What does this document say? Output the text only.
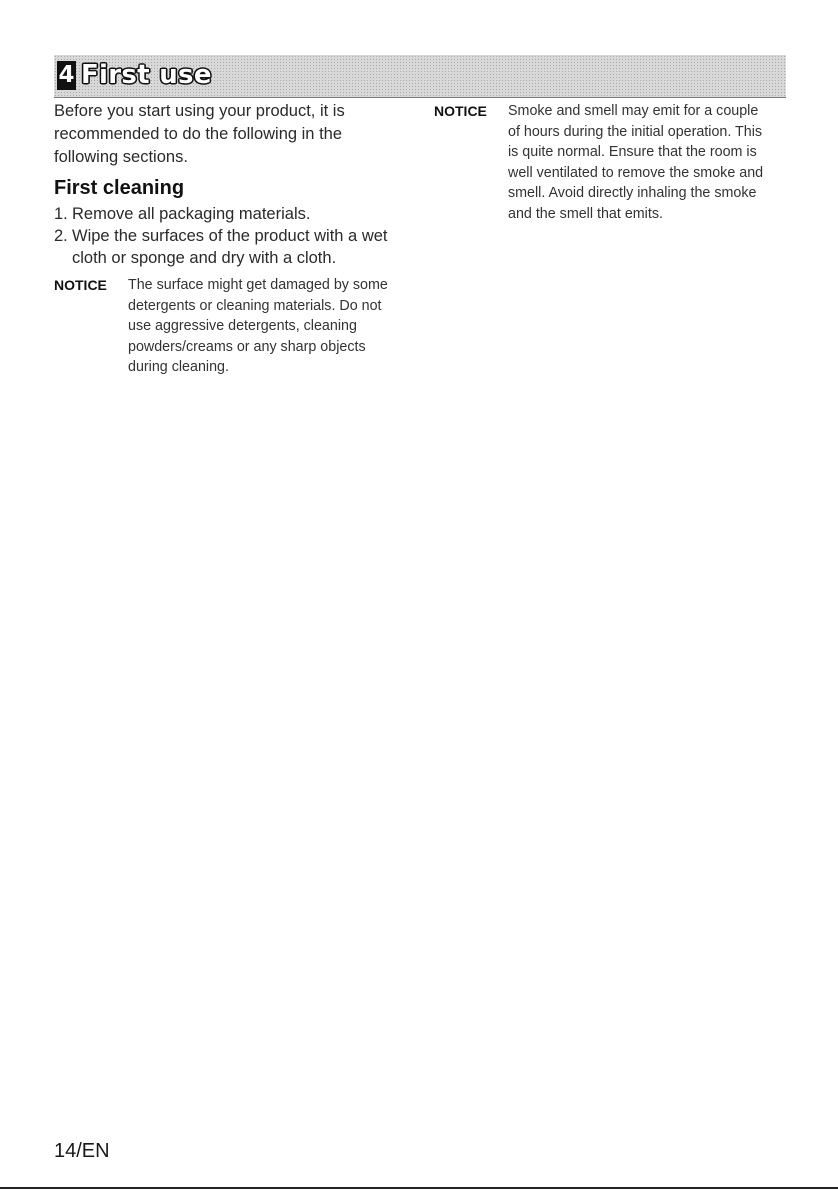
4 First use

Before you start using your product, it is recommended to do the following in the following sections.

First cleaning
1. Remove all packaging materials.
2. Wipe the surfaces of the product with a wet cloth or sponge and dry with a cloth.
NOTICE	The surface might get damaged by some detergents or cleaning materials. Do not use aggressive detergents, cleaning powders/creams or any sharp objects during cleaning.

NOTICE	Smoke and smell may emit for a couple of hours during the initial operation. This is quite normal. Ensure that the room is well ventilated to remove the smoke and smell. Avoid directly inhaling the smoke and the smell that emits.

14/EN
